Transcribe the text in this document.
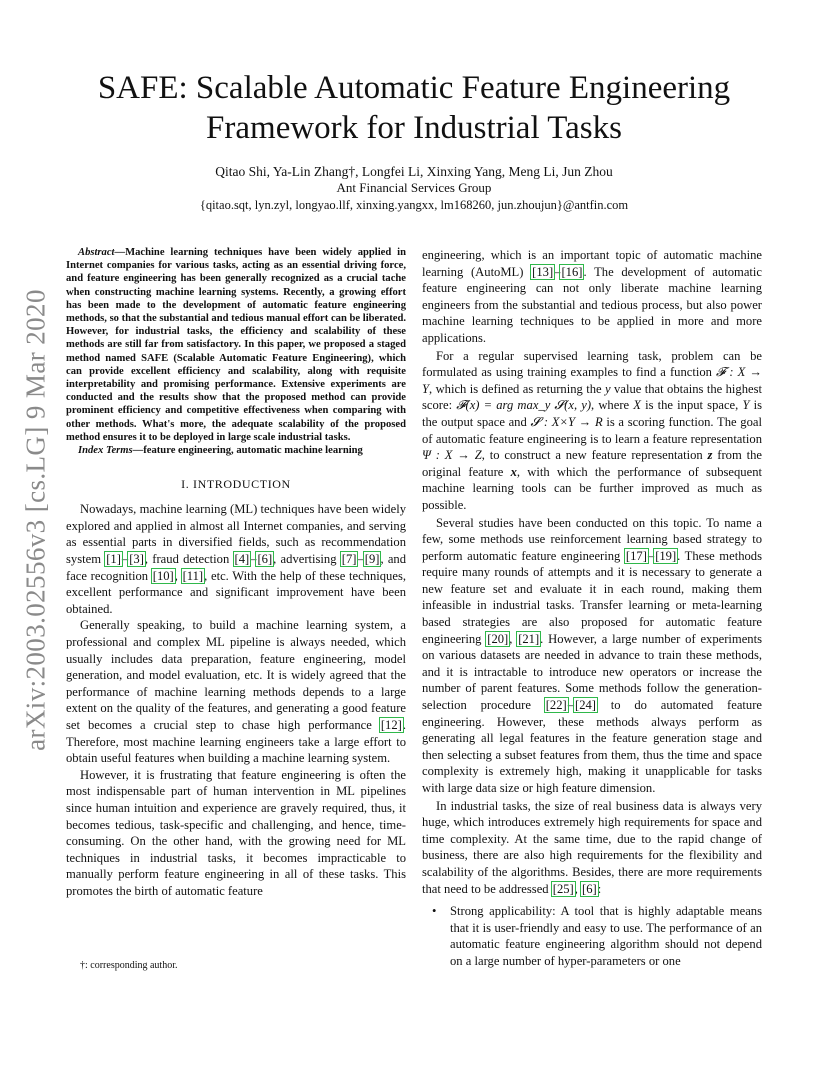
arXiv:2003.02556v3 [cs.LG] 9 Mar 2020
SAFE: Scalable Automatic Feature Engineering
Framework for Industrial Tasks
Qitao Shi, Ya-Lin Zhang†, Longfei Li, Xinxing Yang, Meng Li, Jun Zhou
Ant Financial Services Group
{qitao.sqt, lyn.zyl, longyao.llf, xinxing.yangxx, lm168260, jun.zhoujun}@antfin.com

Abstract—Machine learning techniques have been widely applied in Internet companies for various tasks, acting as an essential driving force, and feature engineering has been generally recognized as a crucial tache when constructing machine learning systems. Recently, a growing effort has been made to the development of automatic feature engineering methods, so that the substantial and tedious manual effort can be liberated. However, for industrial tasks, the efficiency and scalability of these methods are still far from satisfactory. In this paper, we proposed a staged method named SAFE (Scalable Automatic Feature Engineering), which can provide excellent efficiency and scalability, along with requisite interpretability and promising performance. Extensive experiments are conducted and the results show that the proposed method can provide prominent efficiency and competitive effectiveness when comparing with other methods. What's more, the adequate scalability of the proposed method ensures it to be deployed in large scale industrial tasks.

Index Terms—feature engineering, automatic machine learning

I. INTRODUCTION

Nowadays, machine learning (ML) techniques have been widely explored and applied in almost all Internet companies, and serving as essential parts in diversified fields, such as recommendation system [1]–[3], fraud detection [4]–[6], advertising [7]–[9], and face recognition [10], [11], etc. With the help of these techniques, excellent performance and significant improvement have been obtained.

Generally speaking, to build a machine learning system, a professional and complex ML pipeline is always needed, which usually includes data preparation, feature engineering, model generation, and model evaluation, etc. It is widely agreed that the performance of machine learning methods depends to a large extent on the quality of the features, and generating a good feature set becomes a crucial step to chase high performance [12]. Therefore, most machine learning engineers take a large effort to obtain useful features when building a machine learning system.

However, it is frustrating that feature engineering is often the most indispensable part of human intervention in ML pipelines since human intuition and experience are gravely required, thus, it becomes tedious, task-specific and challenging, and hence, time-consuming. On the other hand, with the growing need for ML techniques in industrial tasks, it becomes impracticable to manually perform feature engineering in all of these tasks. This promotes the birth of automatic feature

engineering, which is an important topic of automatic machine learning (AutoML) [13]–[16]. The development of automatic feature engineering can not only liberate machine learning engineers from the substantial and tedious process, but also power machine learning techniques to be applied in more and more applications.

For a regular supervised learning task, problem can be formulated as using training examples to find a function 𝓕 : X → Y, which is defined as returning the y value that obtains the highest score: 𝓕(x) = arg max_y 𝓢(x, y), where X is the input space, Y is the output space and 𝓢 : X×Y → R is a scoring function. The goal of automatic feature engineering is to learn a feature representation Ψ : X → Z, to construct a new feature representation z from the original feature x, with which the performance of subsequent machine learning tools can be further improved as much as possible.

Several studies have been conducted on this topic. To name a few, some methods use reinforcement learning based strategy to perform automatic feature engineering [17]–[19]. These methods require many rounds of attempts and it is necessary to generate a new feature set and evaluate it in each round, making them infeasible in industrial tasks. Transfer learning or meta-learning based strategies are also proposed for automatic feature engineering [20], [21]. However, a large number of experiments on various datasets are needed in advance to train these methods, and it is intractable to introduce new operators or increase the number of parent features. Some methods follow the generation-selection procedure [22]–[24] to do automated feature engineering. However, these methods always perform as generating all legal features in the feature generation stage and then selecting a subset features from them, thus the time and space complexity is extremely high, making it unapplicable for tasks with large data size or high feature dimension.

In industrial tasks, the size of real business data is always very huge, which introduces extremely high requirements for space and time complexity. At the same time, due to the rapid change of business, there are also high requirements for the flexibility and scalability of the algorithms. Besides, there are more requirements that need to be addressed [25], [6]:

• Strong applicability: A tool that is highly adaptable means that it is user-friendly and easy to use. The performance of an automatic feature engineering algorithm should not depend on a large number of hyper-parameters or one

†: corresponding author.
